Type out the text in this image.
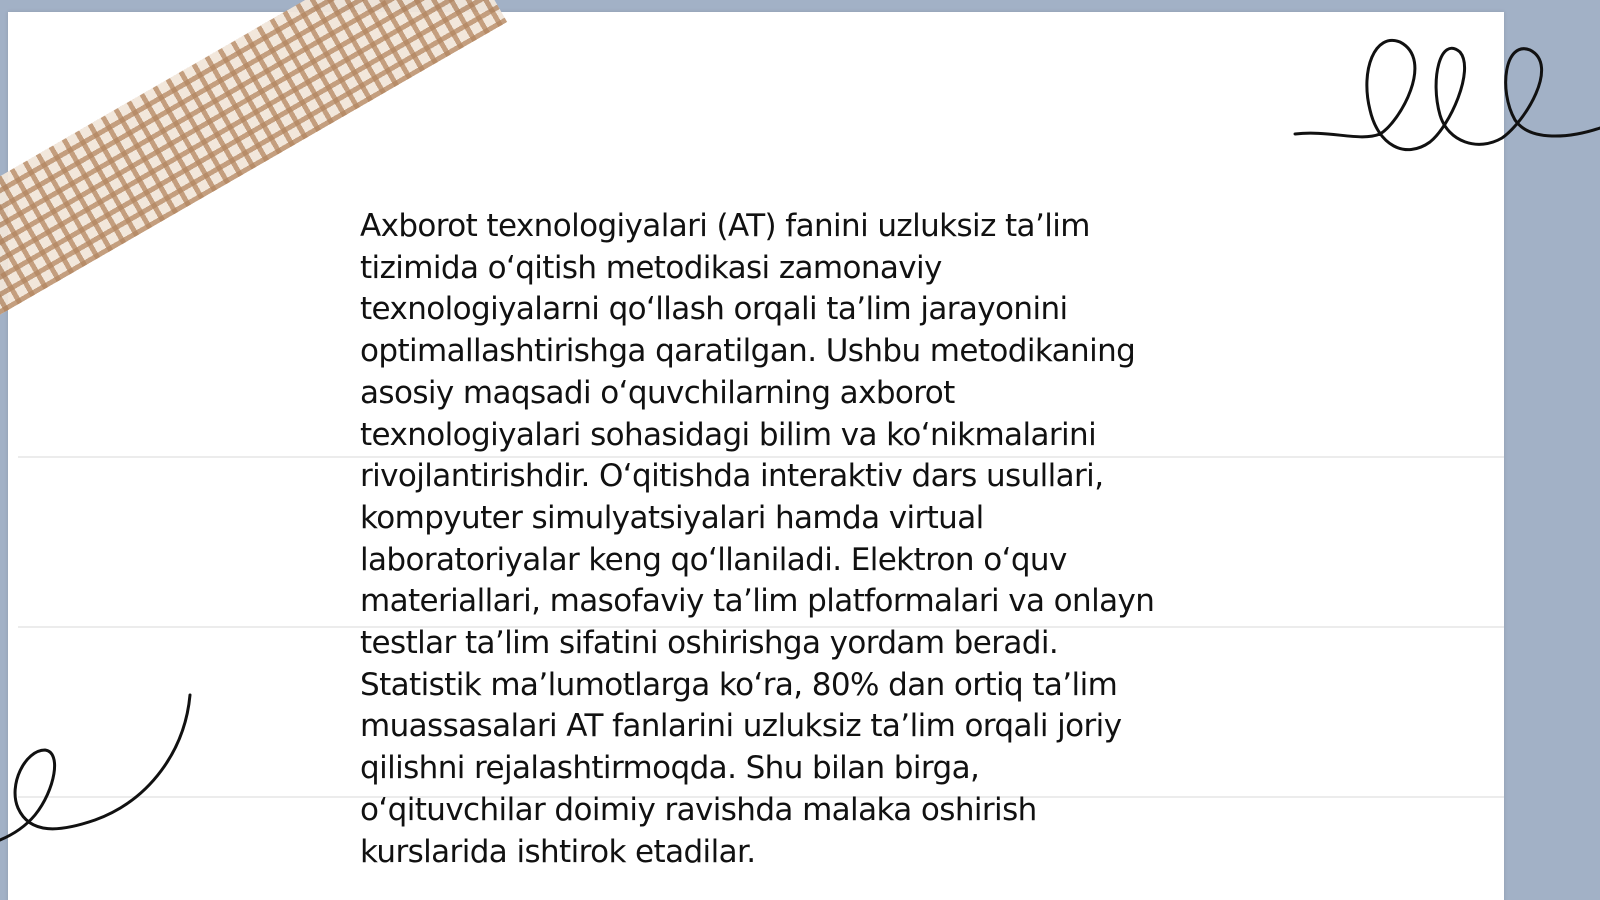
Axborot texnologiyalari (AT) fanini uzluksiz ta’lim
tizimida o‘qitish metodikasi zamonaviy
texnologiyalarni qo‘llash orqali ta’lim jarayonini
optimallashtirishga qaratilgan. Ushbu metodikaning
asosiy maqsadi o‘quvchilarning axborot
texnologiyalari sohasidagi bilim va ko‘nikmalarini
rivojlantirishdir. O‘qitishda interaktiv dars usullari,
kompyuter simulyatsiyalari hamda virtual
laboratoriyalar keng qo‘llaniladi. Elektron o‘quv
materiallari, masofaviy ta’lim platformalari va onlayn
testlar ta’lim sifatini oshirishga yordam beradi.
Statistik ma’lumotlarga ko‘ra, 80% dan ortiq ta’lim
muassasalari AT fanlarini uzluksiz ta’lim orqali joriy
qilishni rejalashtirmoqda. Shu bilan birga,
o‘qituvchilar doimiy ravishda malaka oshirish
kurslarida ishtirok etadilar.
